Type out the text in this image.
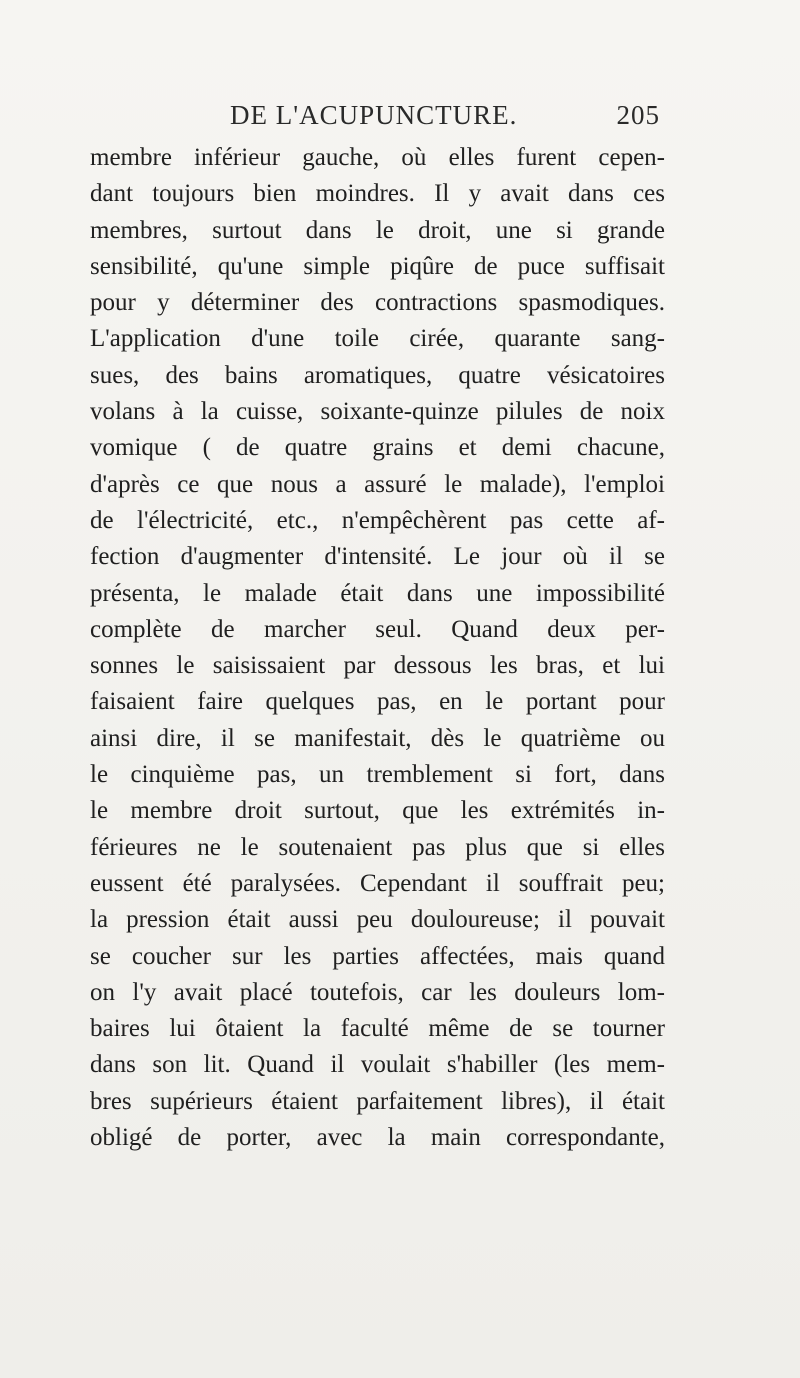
DE L'ACUPUNCTURE.	205
membre inférieur gauche, où elles furent cepen-
dant toujours bien moindres. Il y avait dans ces
membres, surtout dans le droit, une si grande
sensibilité, qu'une simple piqûre de puce suffisait
pour y déterminer des contractions spasmodiques.
L'application d'une toile cirée, quarante sang-
sues, des bains aromatiques, quatre vésicatoires
volans à la cuisse, soixante-quinze pilules de noix
vomique ( de quatre grains et demi chacune,
d'après ce que nous a assuré le malade), l'emploi
de l'électricité, etc., n'empêchèrent pas cette af-
fection d'augmenter d'intensité. Le jour où il se
présenta, le malade était dans une impossibilité
complète de marcher seul. Quand deux per-
sonnes le saisissaient par dessous les bras, et lui
faisaient faire quelques pas, en le portant pour
ainsi dire, il se manifestait, dès le quatrième ou
le cinquième pas, un tremblement si fort, dans
le membre droit surtout, que les extrémités in-
férieures ne le soutenaient pas plus que si elles
eussent été paralysées. Cependant il souffrait peu;
la pression était aussi peu douloureuse; il pouvait
se coucher sur les parties affectées, mais quand
on l'y avait placé toutefois, car les douleurs lom-
baires lui ôtaient la faculté même de se tourner
dans son lit. Quand il voulait s'habiller (les mem-
bres supérieurs étaient parfaitement libres), il était
obligé de porter, avec la main correspondante,
